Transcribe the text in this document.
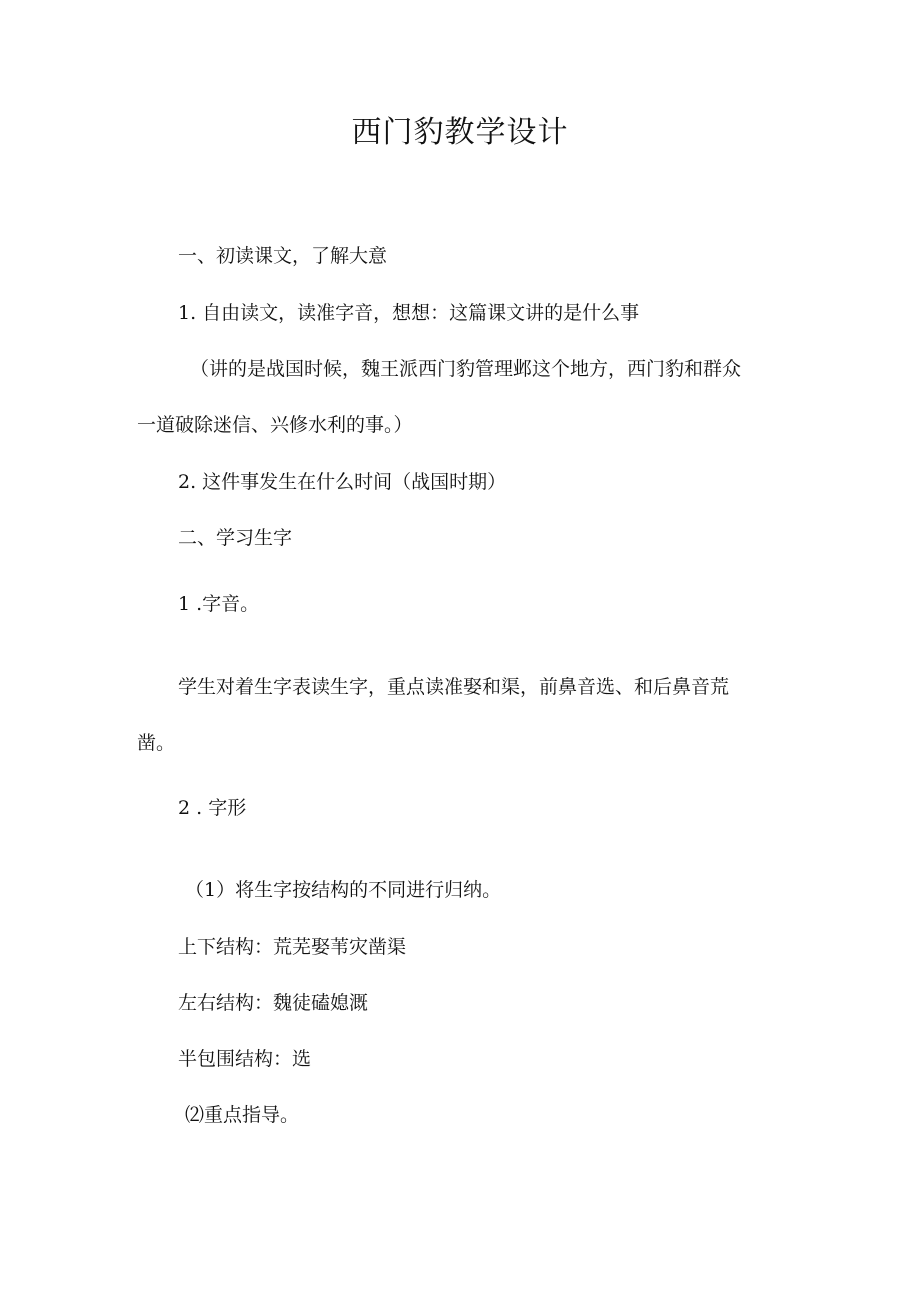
西门豹教学设计
一、初读课文，了解大意
1. 自由读文，读准字音，想想：这篇课文讲的是什么事
（讲的是战国时候，魏王派西门豹管理邺这个地方，西门豹和群众
一道破除迷信、兴修水利的事。）
2. 这件事发生在什么时间（战国时期）
二、学习生字
1 .字音。
学生对着生字表读生字，重点读准娶和渠，前鼻音选、和后鼻音荒
凿。
2 . 字形
（1）将生字按结构的不同进行归纳。
上下结构：荒芜娶苇灾凿渠
左右结构：魏徒磕媳溉
半包围结构：选
⑵重点指导。
